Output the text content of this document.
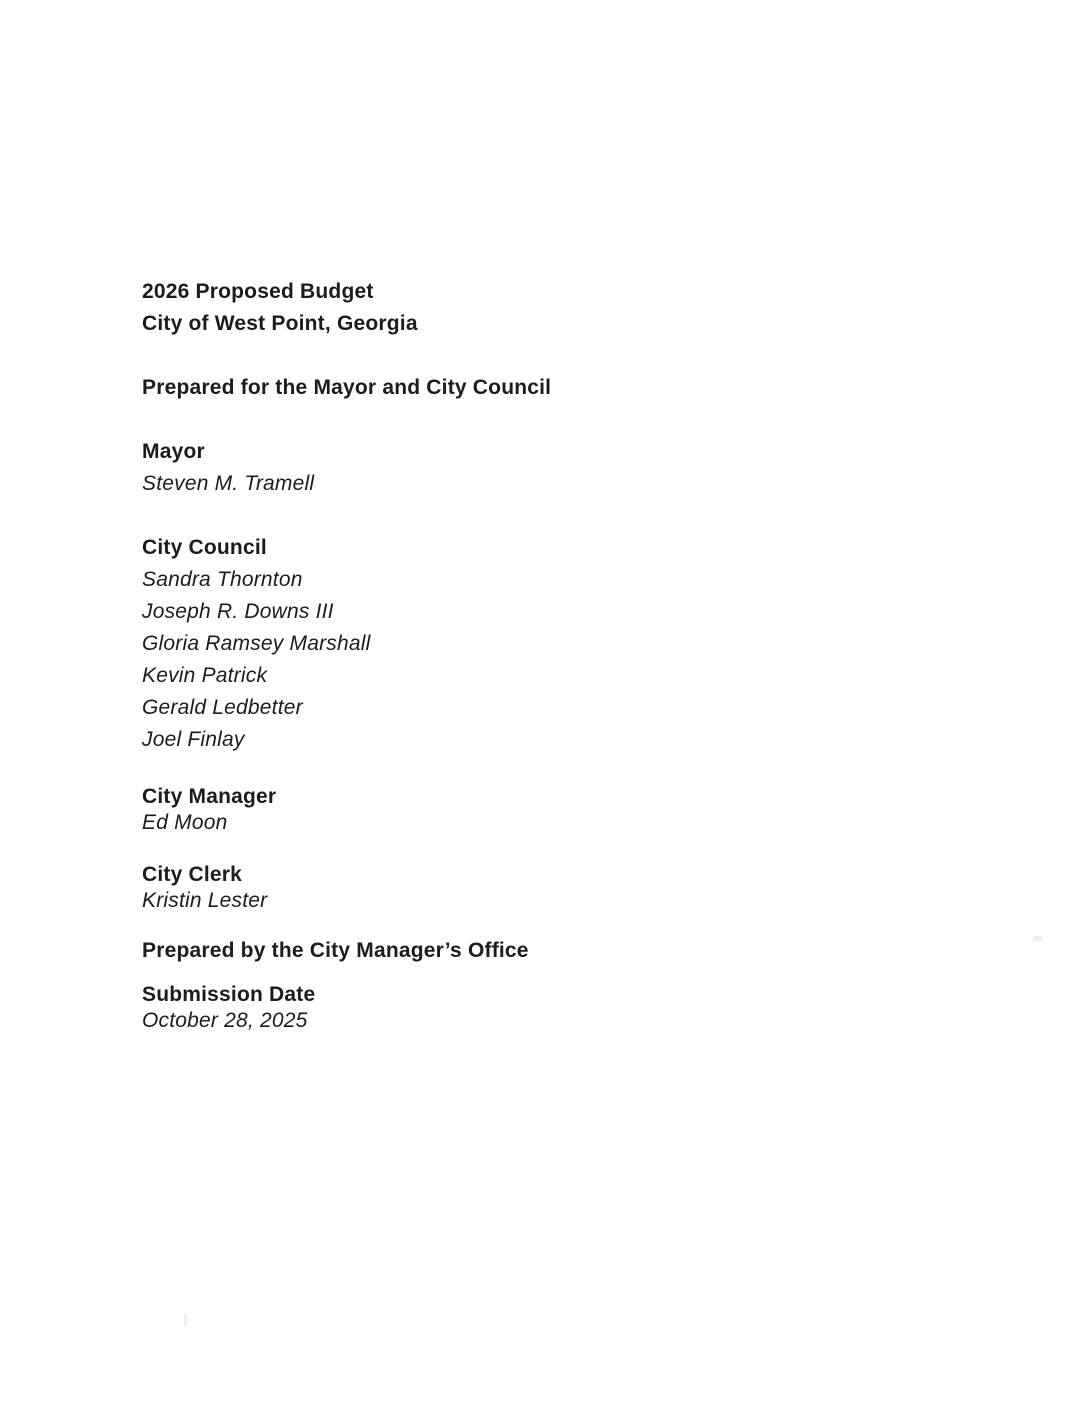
2026 Proposed Budget
City of West Point, Georgia
Prepared for the Mayor and City Council
Mayor
Steven M. Tramell
City Council
Sandra Thornton
Joseph R. Downs III
Gloria Ramsey Marshall
Kevin Patrick
Gerald Ledbetter
Joel Finlay
City Manager
Ed Moon
City Clerk
Kristin Lester
Prepared by the City Manager’s Office
Submission Date
October 28, 2025
